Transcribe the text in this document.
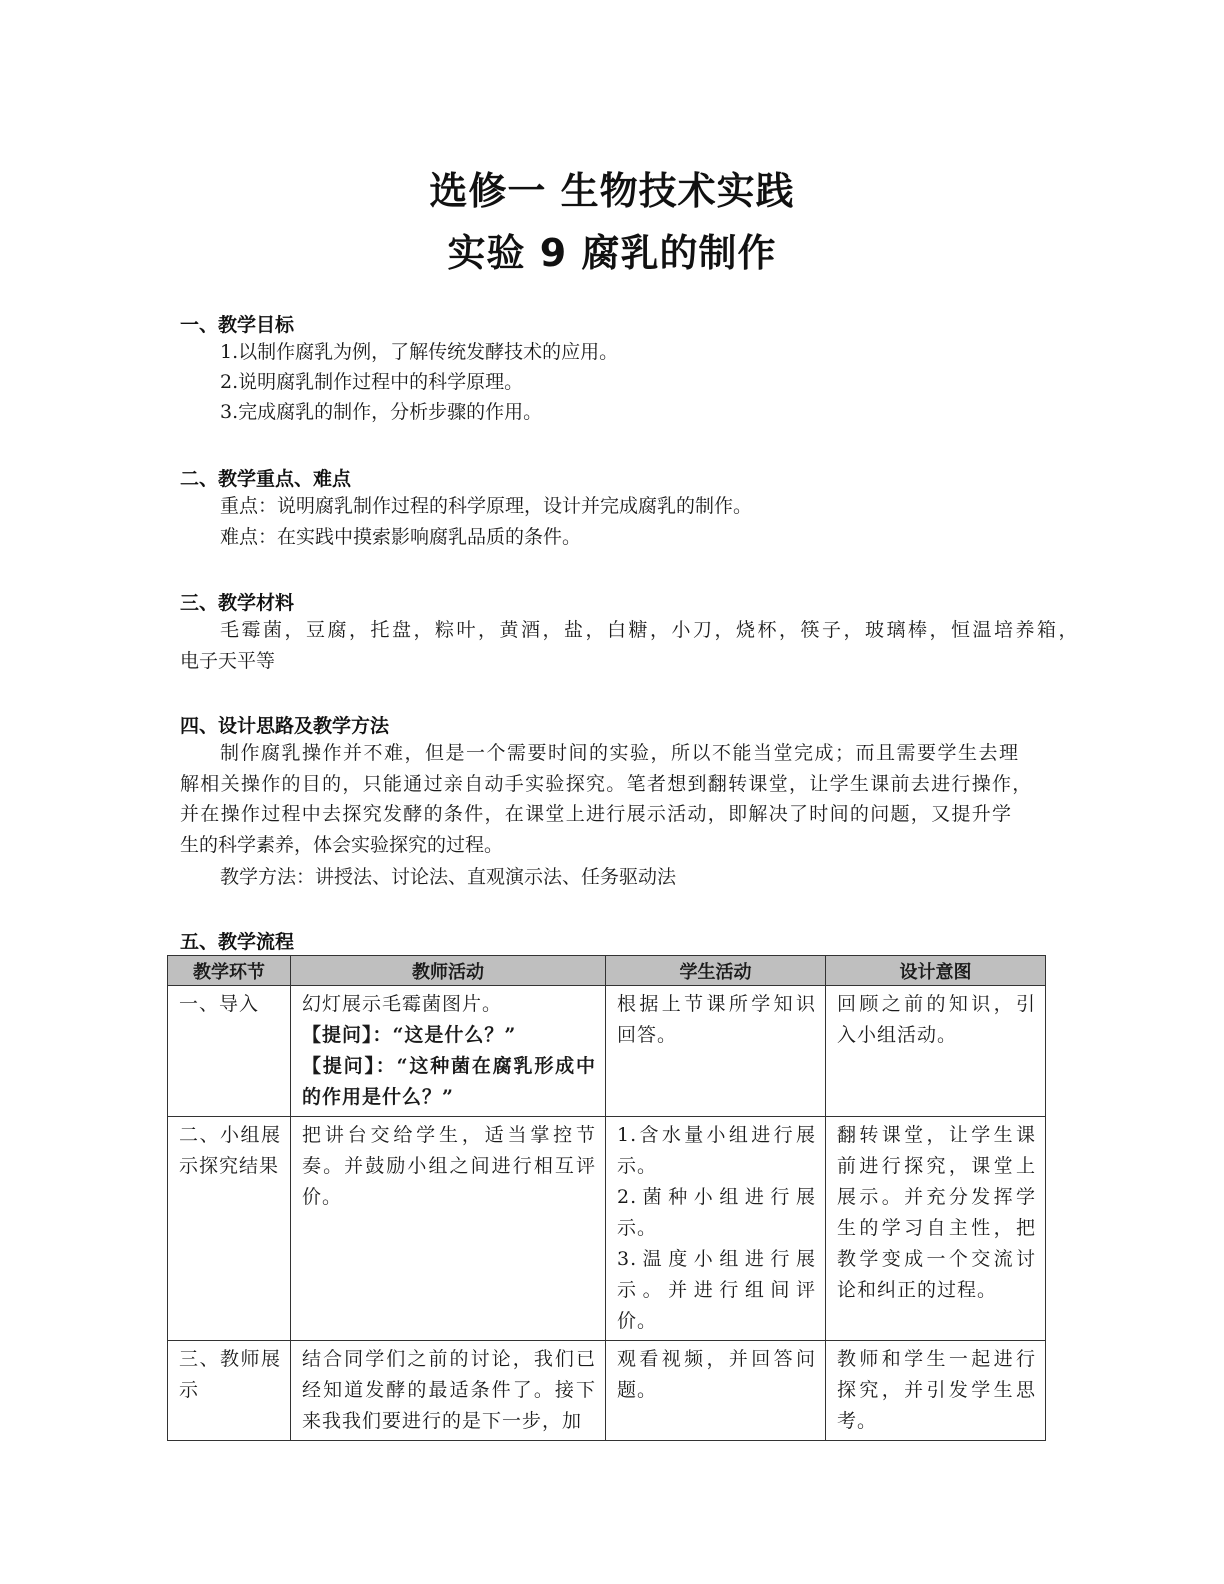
选修一 生物技术实践
实验 9 腐乳的制作
一、教学目标
1.以制作腐乳为例，了解传统发酵技术的应用。
2.说明腐乳制作过程中的科学原理。
3.完成腐乳的制作，分析步骤的作用。
二、教学重点、难点
重点：说明腐乳制作过程的科学原理，设计并完成腐乳的制作。
难点：在实践中摸索影响腐乳品质的条件。
三、教学材料
毛霉菌，豆腐，托盘，粽叶，黄酒，盐，白糖，小刀，烧杯，筷子，玻璃棒，恒温培养箱，
电子天平等
四、设计思路及教学方法
制作腐乳操作并不难，但是一个需要时间的实验，所以不能当堂完成；而且需要学生去理
解相关操作的目的，只能通过亲自动手实验探究。笔者想到翻转课堂，让学生课前去进行操作，
并在操作过程中去探究发酵的条件，在课堂上进行展示活动，即解决了时间的问题，又提升学
生的科学素养，体会实验探究的过程。
教学方法：讲授法、讨论法、直观演示法、任务驱动法
五、教学流程
教学环节	教师活动	学生活动	设计意图
一、导入	幻灯展示毛霉菌图片。
【提问】：“这是什么？”
【提问】：“这种菌在腐乳形成中的作用是什么？”	根据上节课所学知识回答。	回顾之前的知识，引入小组活动。
二、小组展示探究结果	把讲台交给学生，适当掌控节奏。并鼓励小组之间进行相互评价。	1.含水量小组进行展示。
2.菌种小组进行展示。
3.温度小组进行展示。并进行组间评价。	翻转课堂，让学生课前进行探究，课堂上展示。并充分发挥学生的学习自主性，把教学变成一个交流讨论和纠正的过程。
三、教师展示	结合同学们之前的讨论，我们已经知道发酵的最适条件了。接下来我我们要进行的是下一步，加	观看视频，并回答问题。	教师和学生一起进行探究，并引发学生思考。
